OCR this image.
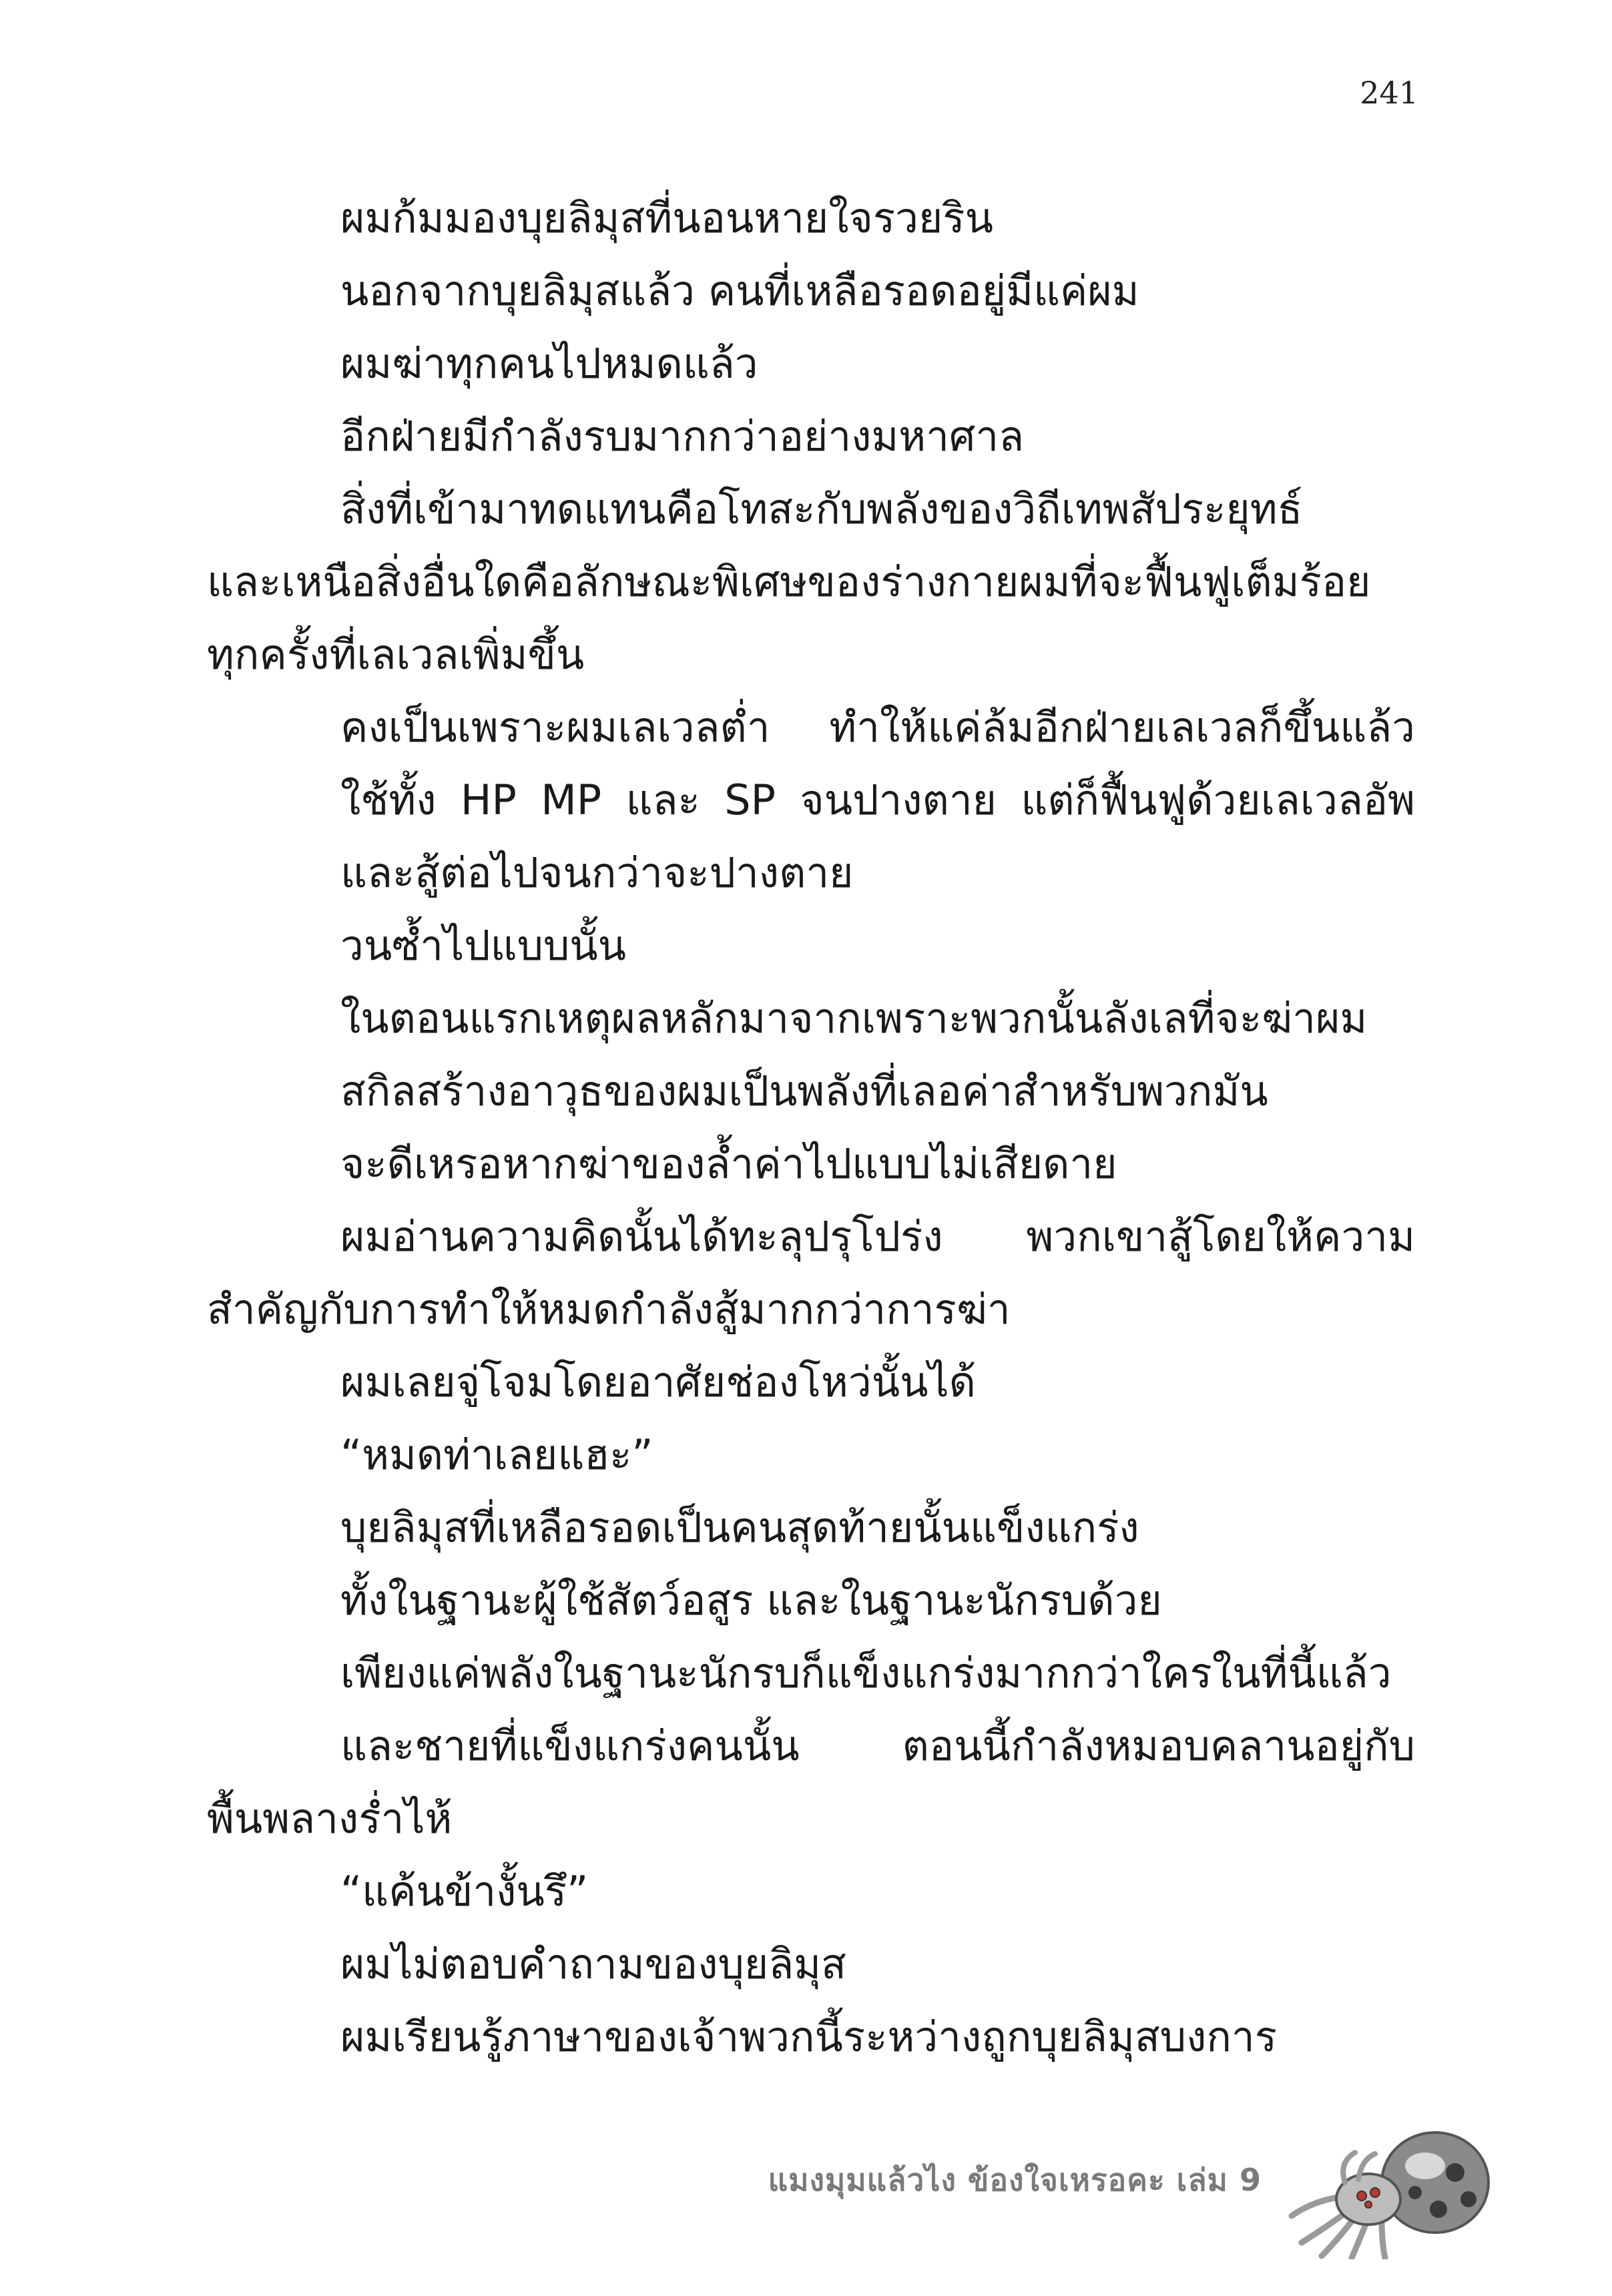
241
ผมก้มมองบุยลิมุสที่นอนหายใจรวยริน
นอกจากบุยลิมุสแล้ว คนที่เหลือรอดอยู่มีแค่ผม
ผมฆ่าทุกคนไปหมดแล้ว
อีกฝ่ายมีกำลังรบมากกว่าอย่างมหาศาล
สิ่งที่เข้ามาทดแทนคือโทสะกับพลังของวิถีเทพสัประยุทธ์
และเหนือสิ่งอื่นใดคือลักษณะพิเศษของร่างกายผมที่จะฟื้นฟูเต็มร้อย
ทุกครั้งที่เลเวลเพิ่มขึ้น
คงเป็นเพราะผมเลเวลต่ำ ทำให้แค่ล้มอีกฝ่ายเลเวลก็ขึ้นแล้ว
ใช้ทั้ง HP MP และ SP จนปางตาย แต่ก็ฟื้นฟูด้วยเลเวลอัพ
และสู้ต่อไปจนกว่าจะปางตาย
วนซ้ำไปแบบนั้น
ในตอนแรกเหตุผลหลักมาจากเพราะพวกนั้นลังเลที่จะฆ่าผม
สกิลสร้างอาวุธของผมเป็นพลังที่เลอค่าสำหรับพวกมัน
จะดีเหรอหากฆ่าของล้ำค่าไปแบบไม่เสียดาย
ผมอ่านความคิดนั้นได้ทะลุปรุโปร่ง พวกเขาสู้โดยให้ความ
สำคัญกับการทำให้หมดกำลังสู้มากกว่าการฆ่า
ผมเลยจู่โจมโดยอาศัยช่องโหว่นั้นได้
“หมดท่าเลยแฮะ”
บุยลิมุสที่เหลือรอดเป็นคนสุดท้ายนั้นแข็งแกร่ง
ทั้งในฐานะผู้ใช้สัตว์อสูร และในฐานะนักรบด้วย
เพียงแค่พลังในฐานะนักรบก็แข็งแกร่งมากกว่าใครในที่นี้แล้ว
และชายที่แข็งแกร่งคนนั้น ตอนนี้กำลังหมอบคลานอยู่กับ
พื้นพลางร่ำไห้
“แค้นข้างั้นรึ”
ผมไม่ตอบคำถามของบุยลิมุส
ผมเรียนรู้ภาษาของเจ้าพวกนี้ระหว่างถูกบุยลิมุสบงการ
แมงมุมแล้วไง ข้องใจเหรอคะ เล่ม 9
